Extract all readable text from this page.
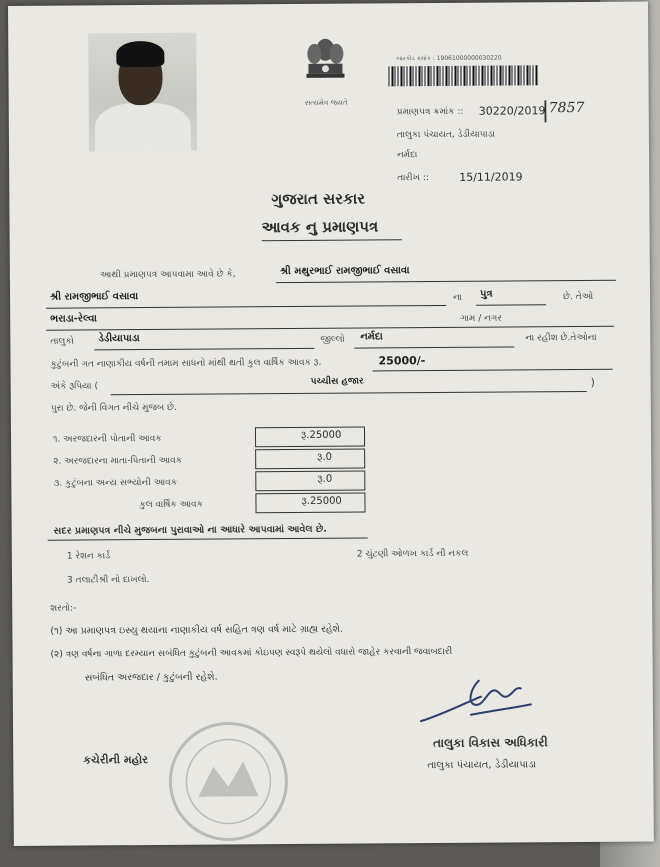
સત્યમેવ જયતે
બારકોડ ક્રમાંક : 19061000000030220
પ્રમાણપત્ર ક્રમાંક :: 30220/2019
| 7857
તાલુકા પંચાયત, ડેડીયાપાડા
નર્મદા
તારીખ ::	15/11/2019
ગુજરાત સરકાર
આવક નુ પ્રમાણપત્ર
આથી પ્રમાણપત્ર આપવામા આવે છે કે,	શ્રી મથુરભાઈ રામજીભાઈ વસાવા
શ્રી રામજીભાઈ વસાવા	ના પુત્ર	છે. તેઓ
ભરાડા-રેલ્વા	ગામ / નગર
તાલુકો ડેડીયાપાડા	જીલ્લો નર્મદા	ના રહીશ છે.તેઓના
કુટુંબની ગત નાણાકીય વર્ષની તમામ સાધનો માંથી થતી કુલ વાર્ષિક આવક રૂ.	25000/-
અંકે રૂપિયા (	પચ્ચીસ હજાર	)
પુરા છે. જેની વિગત નીચે મુજબ છે.
૧. અરજદારની પોતાની આવક	રૂ.25000
૨. અરજદારના માતા-પિતાની આવક	રૂ.0
૩. કુટુંબના અન્ય સભ્યોની આવક	રૂ.0
કુલ વાર્ષિક આવક	રૂ.25000
સદર પ્રમાણપત્ર નીચે મુજબના પુરાવાઓ ના આધારે આપવામાં આવેલ છે.
1 રેશન કાર્ડ	2 ચુંટણી ઓળખ કાર્ડ ની નકલ
3 તલાટીશ્રી નો દાખલો.
શરતો:-
(૧) આ પ્રમાણપત્ર ઇસ્યુ થયાના નાણાકીય વર્ષ સહિત ત્રણ વર્ષ માટે ગ્રાહ્ય રહેશે.
(૨) ત્રણ વર્ષના ગાળા દરમ્યાન સબંધિત કુટુંબની આવકમાં કોઇપણ સ્વરૂપે થયેલો વધારો જાહેર કરવાની જવાબદારી
સબંધિત અરજદાર / કુટુંબની રહેશે.
કચેરીની મહોર
તાલુકા વિકાસ અધિકારી
તાલુકા પંચાયત, ડેડીયાપાડા
